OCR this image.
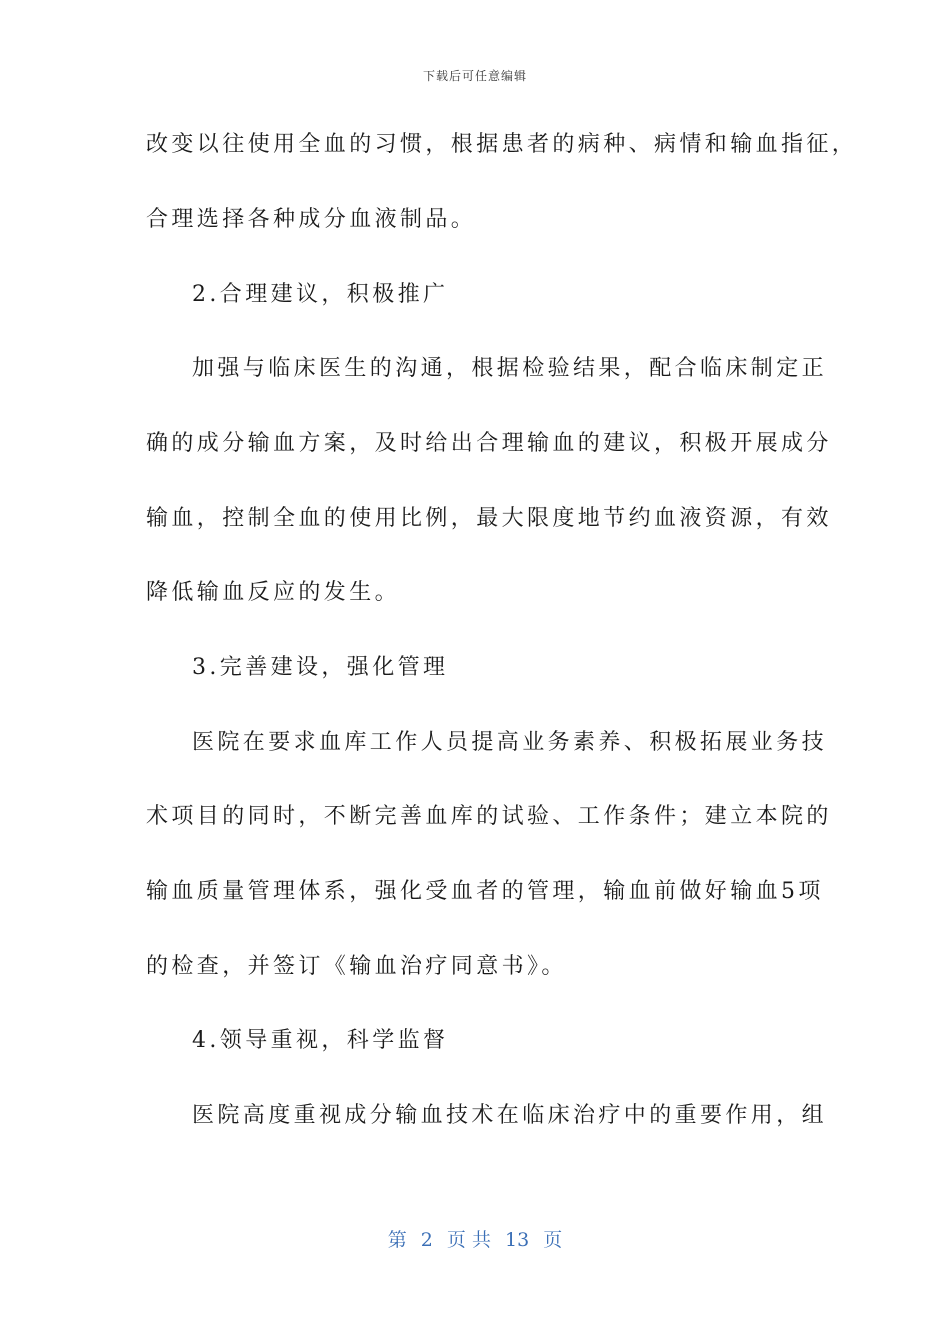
下载后可任意编辑
改变以往使用全血的习惯，根据患者的病种、病情和输血指征，
合理选择各种成分血液制品。
2.合理建议，积极推广
加强与临床医生的沟通，根据检验结果，配合临床制定正
确的成分输血方案，及时给出合理输血的建议，积极开展成分
输血，控制全血的使用比例，最大限度地节约血液资源，有效
降低输血反应的发生。
3.完善建设，强化管理
医院在要求血库工作人员提高业务素养、积极拓展业务技
术项目的同时，不断完善血库的试验、工作条件；建立本院的
输血质量管理体系，强化受血者的管理，输血前做好输血5项
的检查，并签订《输血治疗同意书》。
4.领导重视，科学监督
医院高度重视成分输血技术在临床治疗中的重要作用，组
第 2 页 共 13 页
